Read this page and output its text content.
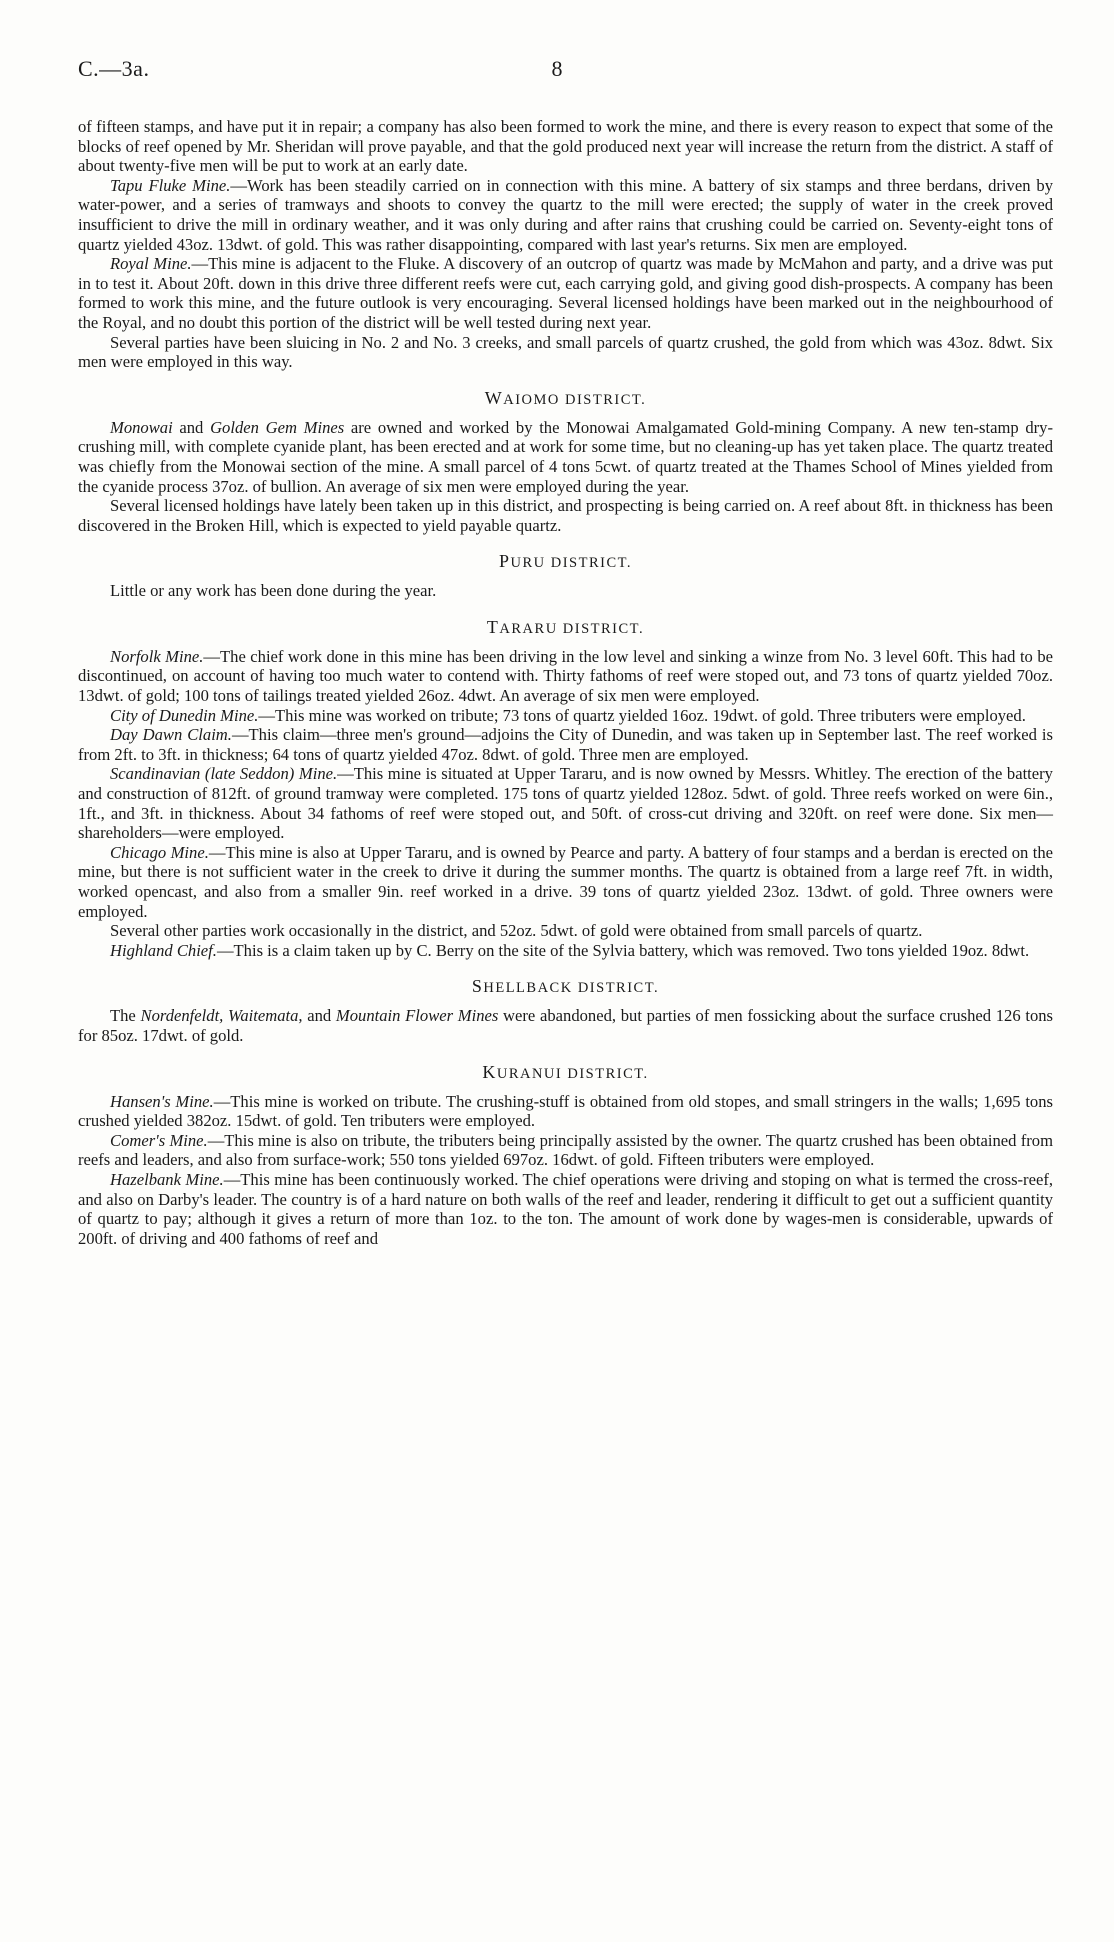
C.—3a.	8

of fifteen stamps, and have put it in repair; a company has also been formed to work the mine, and there is every reason to expect that some of the blocks of reef opened by Mr. Sheridan will prove payable, and that the gold produced next year will increase the return from the district. A staff of about twenty-five men will be put to work at an early date.

Tapu Fluke Mine.—Work has been steadily carried on in connection with this mine. A battery of six stamps and three berdans, driven by water-power, and a series of tramways and shoots to convey the quartz to the mill were erected; the supply of water in the creek proved insufficient to drive the mill in ordinary weather, and it was only during and after rains that crushing could be carried on. Seventy-eight tons of quartz yielded 43oz. 13dwt. of gold. This was rather disappointing, compared with last year's returns. Six men are employed.

Royal Mine.—This mine is adjacent to the Fluke. A discovery of an outcrop of quartz was made by McMahon and party, and a drive was put in to test it. About 20ft. down in this drive three different reefs were cut, each carrying gold, and giving good dish-prospects. A company has been formed to work this mine, and the future outlook is very encouraging. Several licensed holdings have been marked out in the neighbourhood of the Royal, and no doubt this portion of the district will be well tested during next year.

Several parties have been sluicing in No. 2 and No. 3 creeks, and small parcels of quartz crushed, the gold from which was 43oz. 8dwt. Six men were employed in this way.

WAIOMO DISTRICT.

Monowai and Golden Gem Mines are owned and worked by the Monowai Amalgamated Gold-mining Company. A new ten-stamp dry-crushing mill, with complete cyanide plant, has been erected and at work for some time, but no cleaning-up has yet taken place. The quartz treated was chiefly from the Monowai section of the mine. A small parcel of 4 tons 5cwt. of quartz treated at the Thames School of Mines yielded from the cyanide process 37oz. of bullion. An average of six men were employed during the year.

Several licensed holdings have lately been taken up in this district, and prospecting is being carried on. A reef about 8ft. in thickness has been discovered in the Broken Hill, which is expected to yield payable quartz.

PURU DISTRICT.

Little or any work has been done during the year.

TARARU DISTRICT.

Norfolk Mine.—The chief work done in this mine has been driving in the low level and sinking a winze from No. 3 level 60ft. This had to be discontinued, on account of having too much water to contend with. Thirty fathoms of reef were stoped out, and 73 tons of quartz yielded 70oz. 13dwt. of gold; 100 tons of tailings treated yielded 26oz. 4dwt. An average of six men were employed.

City of Dunedin Mine.—This mine was worked on tribute; 73 tons of quartz yielded 16oz. 19dwt. of gold. Three tributers were employed.

Day Dawn Claim.—This claim—three men's ground—adjoins the City of Dunedin, and was taken up in September last. The reef worked is from 2ft. to 3ft. in thickness; 64 tons of quartz yielded 47oz. 8dwt. of gold. Three men are employed.

Scandinavian (late Seddon) Mine.—This mine is situated at Upper Tararu, and is now owned by Messrs. Whitley. The erection of the battery and construction of 812ft. of ground tramway were completed. 175 tons of quartz yielded 128oz. 5dwt. of gold. Three reefs worked on were 6in., 1ft., and 3ft. in thickness. About 34 fathoms of reef were stoped out, and 50ft. of cross-cut driving and 320ft. on reef were done. Six men—shareholders—were employed.

Chicago Mine.—This mine is also at Upper Tararu, and is owned by Pearce and party. A battery of four stamps and a berdan is erected on the mine, but there is not sufficient water in the creek to drive it during the summer months. The quartz is obtained from a large reef 7ft. in width, worked opencast, and also from a smaller 9in. reef worked in a drive. 39 tons of quartz yielded 23oz. 13dwt. of gold. Three owners were employed.

Several other parties work occasionally in the district, and 52oz. 5dwt. of gold were obtained from small parcels of quartz.

Highland Chief.—This is a claim taken up by C. Berry on the site of the Sylvia battery, which was removed. Two tons yielded 19oz. 8dwt.

SHELLBACK DISTRICT.

The Nordenfeldt, Waitemata, and Mountain Flower Mines were abandoned, but parties of men fossicking about the surface crushed 126 tons for 85oz. 17dwt. of gold.

KURANUI DISTRICT.

Hansen's Mine.—This mine is worked on tribute. The crushing-stuff is obtained from old stopes, and small stringers in the walls; 1,695 tons crushed yielded 382oz. 15dwt. of gold. Ten tributers were employed.

Comer's Mine.—This mine is also on tribute, the tributers being principally assisted by the owner. The quartz crushed has been obtained from reefs and leaders, and also from surface-work; 550 tons yielded 697oz. 16dwt. of gold. Fifteen tributers were employed.

Hazelbank Mine.—This mine has been continuously worked. The chief operations were driving and stoping on what is termed the cross-reef, and also on Darby's leader. The country is of a hard nature on both walls of the reef and leader, rendering it difficult to get out a sufficient quantity of quartz to pay; although it gives a return of more than 1oz. to the ton. The amount of work done by wages-men is considerable, upwards of 200ft. of driving and 400 fathoms of reef and
